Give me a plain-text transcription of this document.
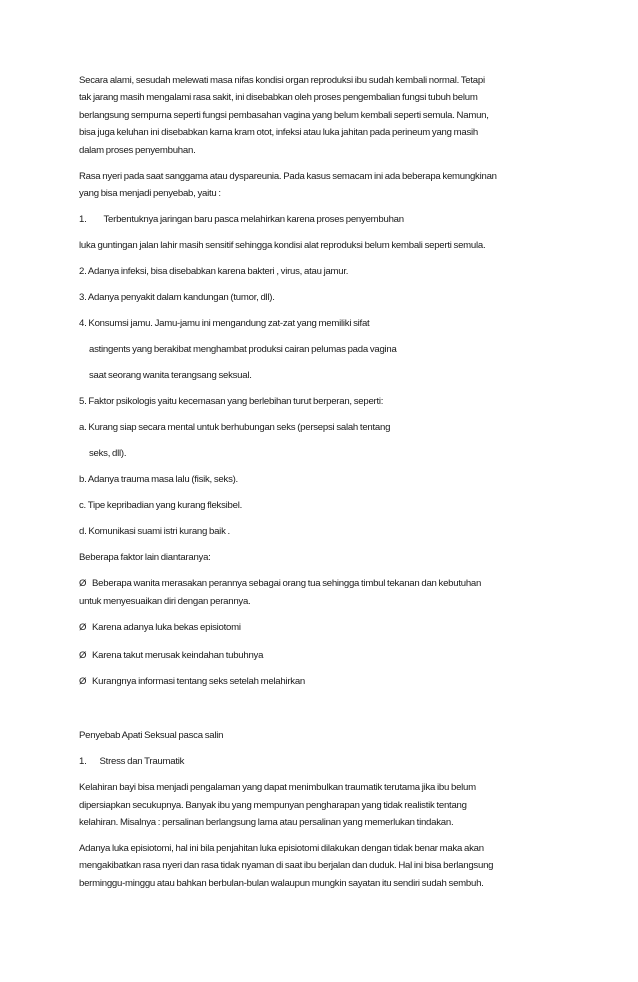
Secara alami, sesudah melewati masa nifas kondisi organ reproduksi ibu sudah kembali normal. Tetapi
tak jarang masih mengalami rasa sakit, ini disebabkan oleh proses pengembalian fungsi tubuh belum
berlangsung sempurna seperti fungsi pembasahan vagina yang belum kembali seperti semula. Namun,
bisa juga keluhan ini disebabkan karna kram otot, infeksi atau luka jahitan pada perineum yang masih
dalam proses penyembuhan.
Rasa nyeri pada saat sanggama atau dyspareunia. Pada kasus semacam ini ada beberapa kemungkinan
yang bisa menjadi penyebab, yaitu :
1. Terbentuknya jaringan baru pasca melahirkan karena proses penyembuhan
luka guntingan jalan lahir masih sensitif sehingga kondisi alat reproduksi belum kembali seperti semula.
2. Adanya infeksi, bisa disebabkan karena bakteri , virus, atau jamur.
3. Adanya penyakit dalam kandungan (tumor, dll).
4. Konsumsi jamu. Jamu-jamu ini mengandung zat-zat yang memiliki sifat
astingents yang berakibat menghambat produksi cairan pelumas pada vagina
saat seorang wanita terangsang seksual.
5. Faktor psikologis yaitu kecemasan yang berlebihan turut berperan, seperti:
a. Kurang siap secara mental untuk berhubungan seks (persepsi salah tentang
seks, dll).
b. Adanya trauma masa lalu (fisik, seks).
c. Tipe kepribadian yang kurang fleksibel.
d. Komunikasi suami istri kurang baik .
Beberapa faktor lain diantaranya:
Ø Beberapa wanita merasakan perannya sebagai orang tua sehingga timbul tekanan dan kebutuhan
untuk menyesuaikan diri dengan perannya.
Ø Karena adanya luka bekas episiotomi
Ø Karena takut merusak keindahan tubuhnya
Ø Kurangnya informasi tentang seks setelah melahirkan
Penyebab Apati Seksual pasca salin
1. Stress dan Traumatik
Kelahiran bayi bisa menjadi pengalaman yang dapat menimbulkan traumatik terutama jika ibu belum
dipersiapkan secukupnya. Banyak ibu yang mempunyan pengharapan yang tidak realistik tentang
kelahiran. Misalnya : persalinan berlangsung lama atau persalinan yang memerlukan tindakan.
Adanya luka episiotomi, hal ini bila penjahitan luka episiotomi dilakukan dengan tidak benar maka akan
mengakibatkan rasa nyeri dan rasa tidak nyaman di saat ibu berjalan dan duduk. Hal ini bisa berlangsung
berminggu-minggu atau bahkan berbulan-bulan walaupun mungkin sayatan itu sendiri sudah sembuh.
